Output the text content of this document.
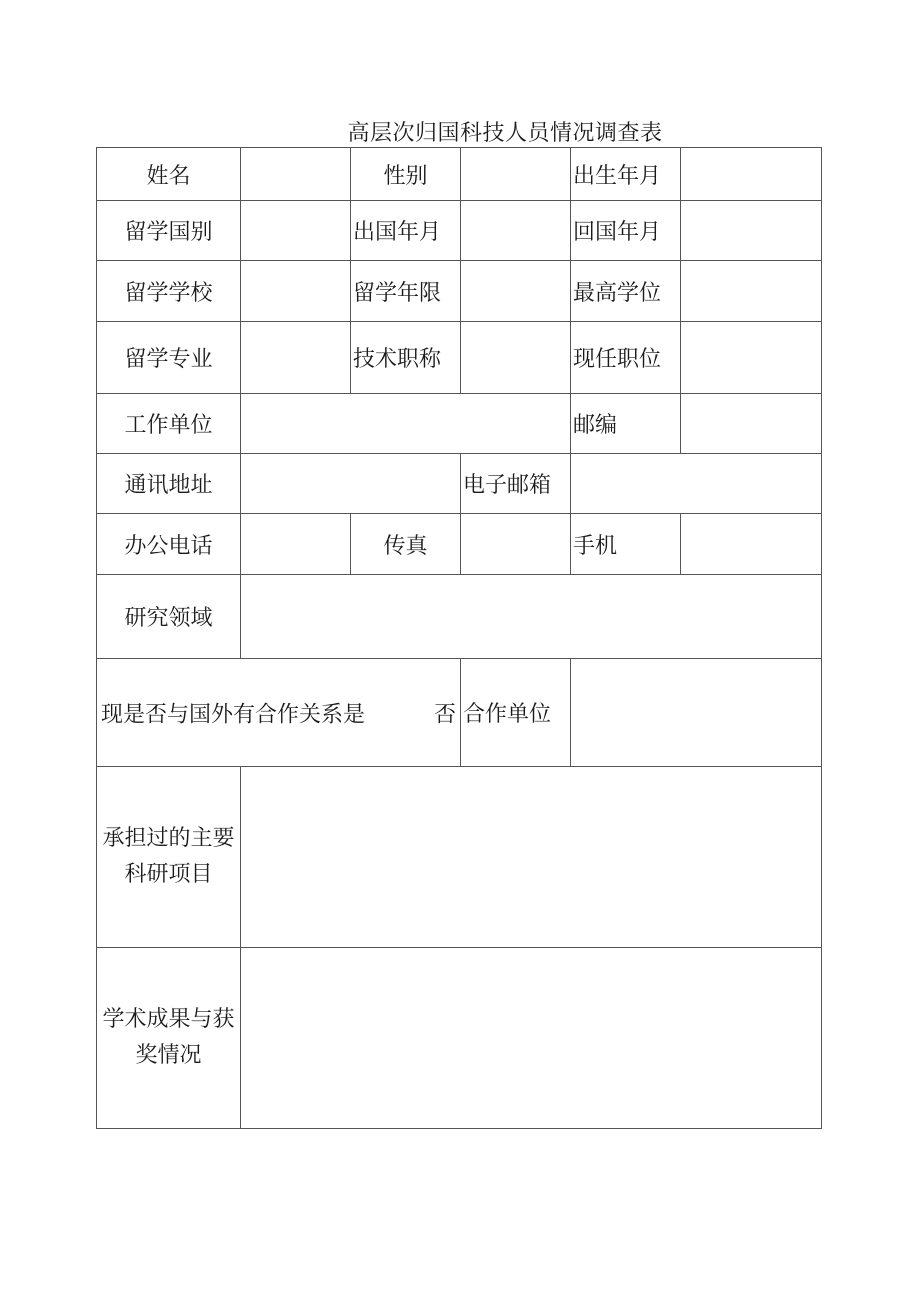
高层次归国科技人员情况调查表
姓名		性别		出生年月	
留学国别		出国年月		回国年月	
留学学校		留学年限		最高学位	
留学专业		技术职称		现任职位	
工作单位				邮编	
通讯地址			电子邮箱		
办公电话		传真		手机	
研究领域					

现是否与国外有合作关系是 否			合作单位		

承担过的主要
科研项目					

学术成果与获
奖情况					
